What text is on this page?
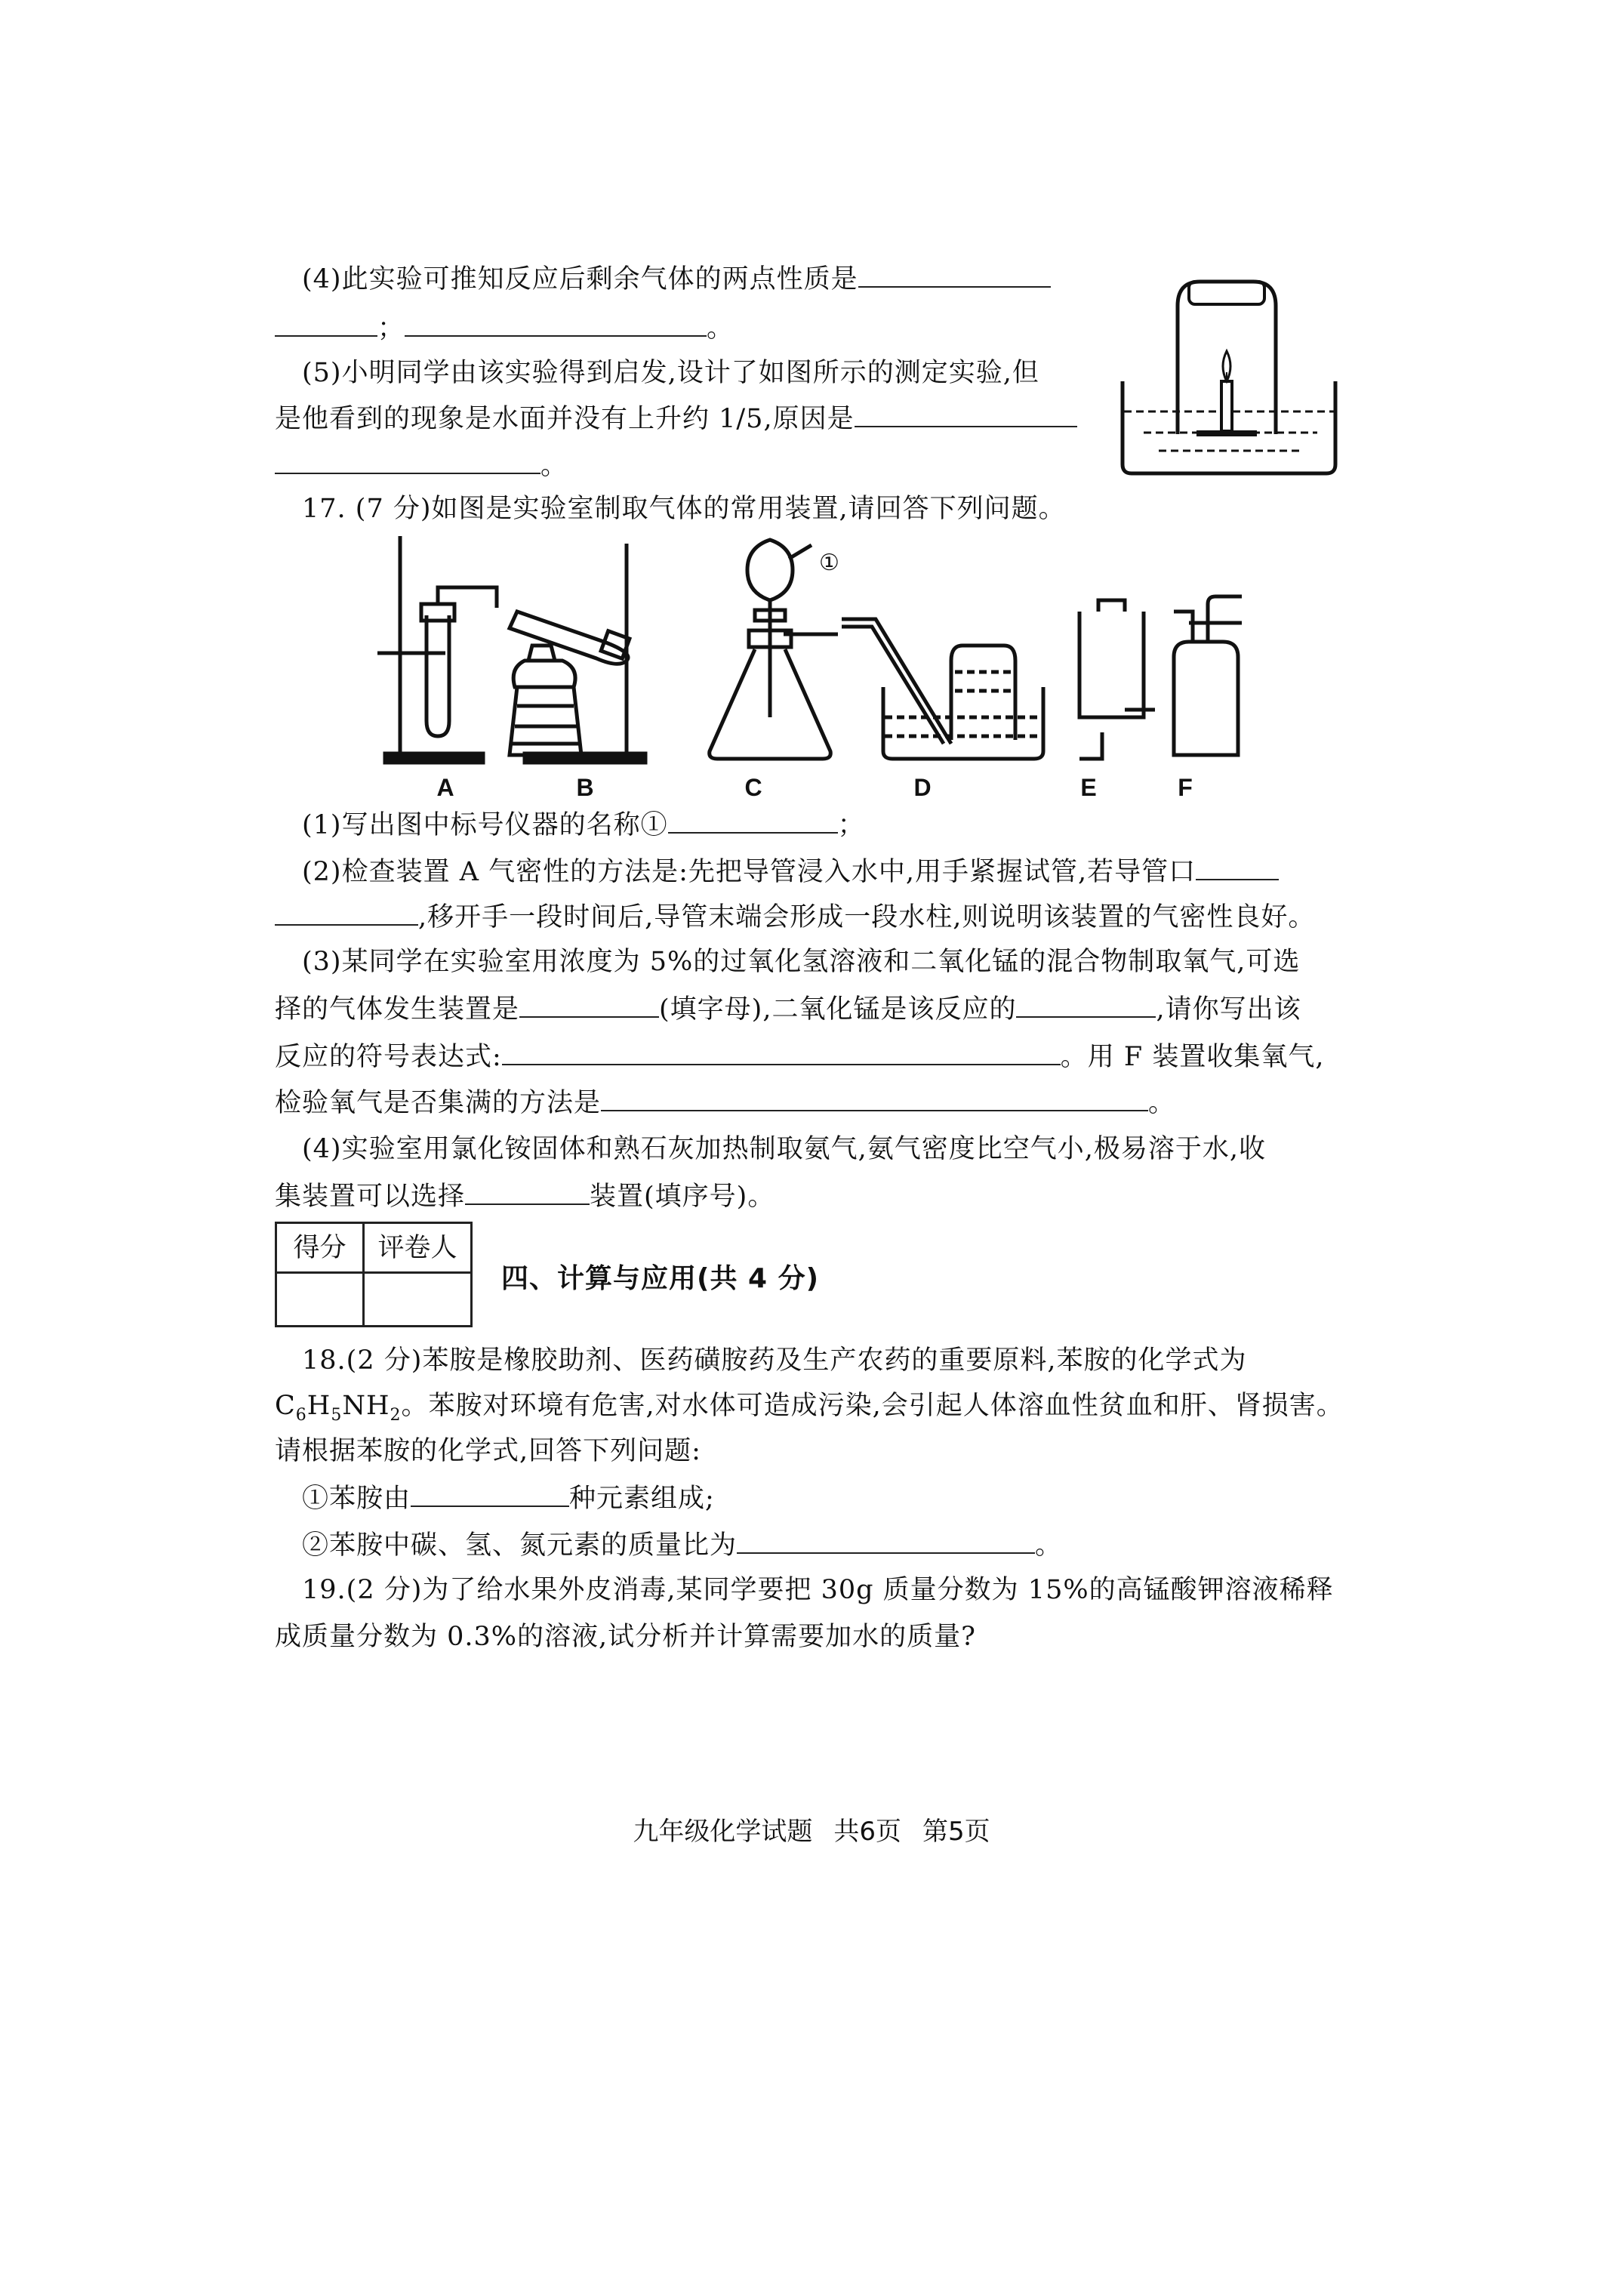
(4)此实验可推知反应后剩余气体的两点性质是
；	。
(5)小明同学由该实验得到启发,设计了如图所示的测定实验,但
是他看到的现象是水面并没有上升约 1/5,原因是
。
17. (7 分)如图是实验室制取气体的常用装置,请回答下列问题。
①
A	B	C	D	E	F
(1)写出图中标号仪器的名称①	；
(2)检查装置 A 气密性的方法是:先把导管浸入水中,用手紧握试管,若导管口
,移开手一段时间后,导管末端会形成一段水柱,则说明该装置的气密性良好。
(3)某同学在实验室用浓度为 5%的过氧化氢溶液和二氧化锰的混合物制取氧气,可选
择的气体发生装置是	(填字母),二氧化锰是该反应的	,请你写出该
反应的符号表达式:	。用 F 装置收集氧气,
检验氧气是否集满的方法是	。
(4)实验室用氯化铵固体和熟石灰加热制取氨气,氨气密度比空气小,极易溶于水,收
集装置可以选择	装置(填序号)。
得分	评卷人
四、计算与应用(共 4 分)
18.(2 分)苯胺是橡胶助剂、医药磺胺药及生产农药的重要原料,苯胺的化学式为
$C_6H_5NH_2$。苯胺对环境有危害,对水体可造成污染,会引起人体溶血性贫血和肝、肾损害。
请根据苯胺的化学式,回答下列问题:
①苯胺由	种元素组成;
②苯胺中碳、氢、氮元素的质量比为	。
19.(2 分)为了给水果外皮消毒,某同学要把 30g 质量分数为 15%的高锰酸钾溶液稀释
成质量分数为 0.3%的溶液,试分析并计算需要加水的质量?
九年级化学试题 共6页 第5页
